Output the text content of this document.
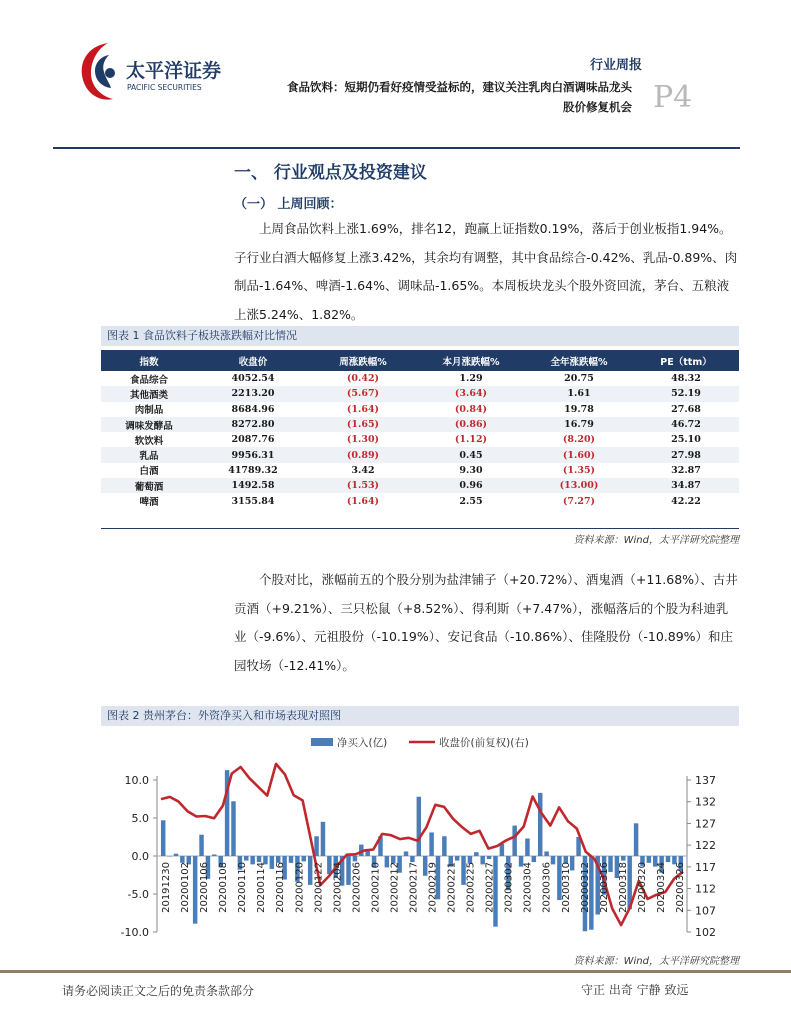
太平洋证券
PACIFIC SECURITIES
行业周报
食品饮料：短期仍看好疫情受益标的，建议关注乳肉白酒调味品龙头
股价修复机会 P4
一、 行业观点及投资建议
（一） 上周回顾：
上周食品饮料上涨1.69%，排名12，跑赢上证指数0.19%，落后于创业板指1.94%。子行业白酒大幅修复上涨3.42%，其余均有调整，其中食品综合-0.42%、乳品-0.89%、肉制品-1.64%、啤酒-1.64%、调味品-1.65%。本周板块龙头个股外资回流，茅台、五粮液上涨5.24%、1.82%。
图表 1 食品饮料子板块涨跌幅对比情况
指数	收盘价	周涨跌幅%	本月涨跌幅%	全年涨跌幅%	PE（ttm）
食品综合	4052.54	(0.42)	1.29	20.75	48.32
其他酒类	2213.20	(5.67)	(3.64)	1.61	52.19
肉制品	8684.96	(1.64)	(0.84)	19.78	27.68
调味发酵品	8272.80	(1.65)	(0.86)	16.79	46.72
软饮料	2087.76	(1.30)	(1.12)	(8.20)	25.10
乳品	9956.31	(0.89)	0.45	(1.60)	27.98
白酒	41789.32	3.42	9.30	(1.35)	32.87
葡萄酒	1492.58	(1.53)	0.96	(13.00)	34.87
啤酒	3155.84	(1.64)	2.55	(7.27)	42.22
资料来源：Wind，太平洋研究院整理
个股对比，涨幅前五的个股分别为盐津铺子（+20.72%）、酒鬼酒（+11.68%）、古井贡酒（+9.21%）、三只松鼠（+8.52%）、得利斯（+7.47%），涨幅落后的个股为科迪乳业（-9.6%）、元祖股份（-10.19%）、安记食品（-10.86%）、佳隆股份（-10.89%）和庄园牧场（-12.41%）。
图表 2 贵州茅台：外资净买入和市场表现对照图
净买入(亿)	收盘价(前复权)(右)
10.0
5.0
0.0
-5.0
-10.0
137
132
127
122
117
112
107
102
20191230 20200102 20200106 20200108 20200110 20200114 20200116 20200120 20200122 20200204 20200206 20200210 20200212 20200217 20200219 20200221 20200225 20200227 20200302 20200304 20200306 20200310 20200312 20200316 20200318 20200320 20200324 20200326
资料来源：Wind，太平洋研究院整理
请务必阅读正文之后的免责条款部分	守正 出奇 宁静 致远
